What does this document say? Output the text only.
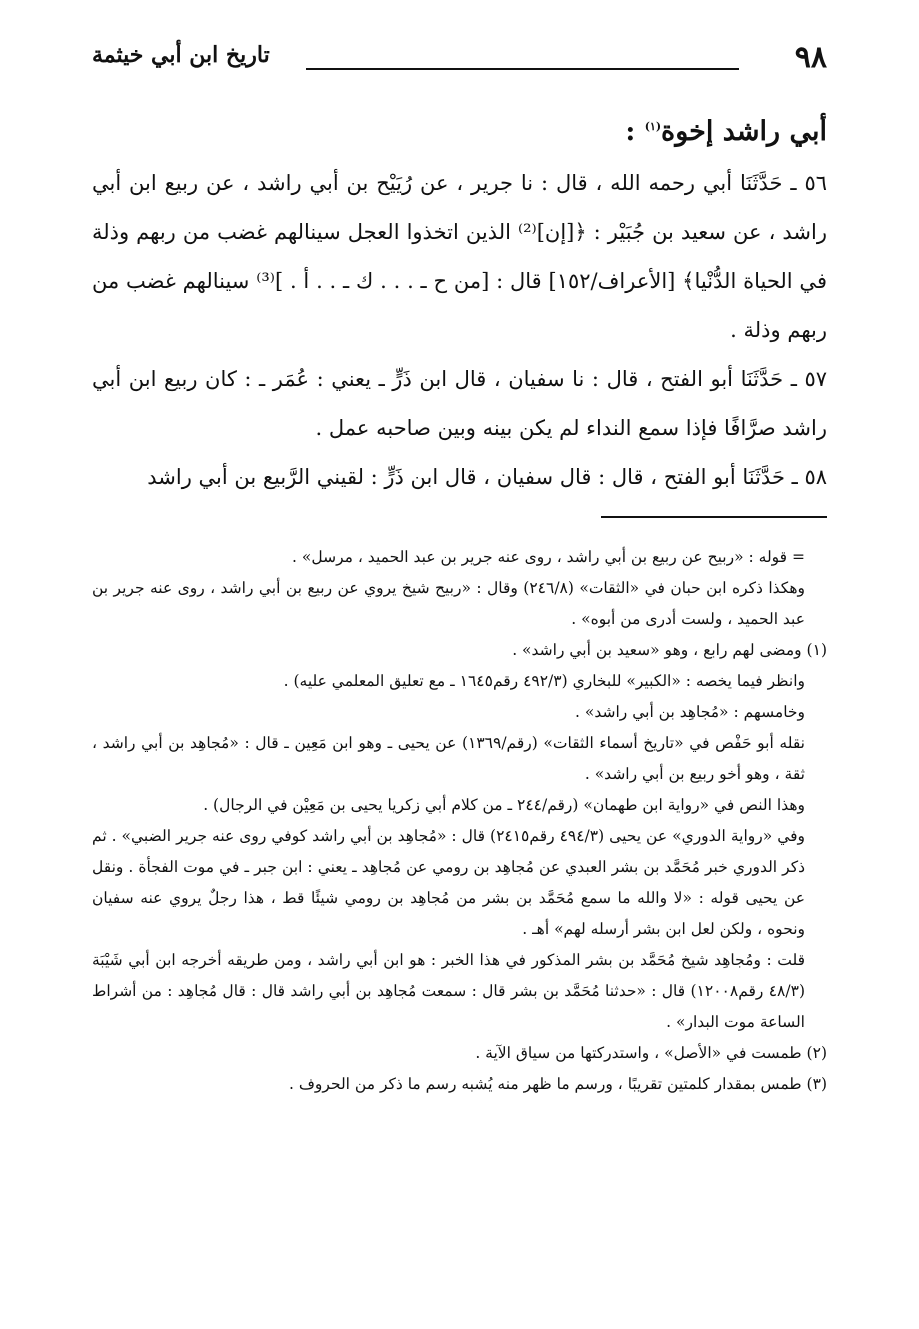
٩٨
تاريخ ابن أبي خيثمة

أبي راشد إخوة$^{(١)}$ :

٥٦ ـ حَدَّثَنَا أبي رحمه الله ، قال : نا جرير ، عن رُيَيْح بن أبي راشد ، عن ربيع ابن أبي راشد ، عن سعيد بن جُبَيْر : ﴿[إن]⁽²⁾ الذين اتخذوا العجل سينالهم غضب من ربهم وذلة في الحياة الدُّنْيا﴾ [الأعراف/١٥٢] قال : [من ح ـ . . . ك ـ . . أ . ]⁽³⁾ سينالهم غضب من ربهم وذلة .

٥٧ ـ حَدَّثَنَا أبو الفتح ، قال : نا سفيان ، قال ابن ذَرٍّ ـ يعني : عُمَر ـ : كان ربيع ابن أبي راشد صرَّافًا فإذا سمع النداء لم يكن بينه وبين صاحبه عمل .

٥٨ ـ حَدَّثَنَا أبو الفتح ، قال : قال سفيان ، قال ابن ذَرٍّ : لقيني الرَّبيع بن أبي راشد

= قوله : «ربيح عن ربيع بن أبي راشد ، روى عنه جرير بن عبد الحميد ، مرسل» .

وهكذا ذكره ابن حبان في «الثقات» (٢٤٦/٨) وقال : «ربيح شيخ يروي عن ربيع بن أبي راشد ، روى عنه جرير بن عبد الحميد ، ولست أدرى من أبوه» .

(١) ومضى لهم رابع ، وهو «سعيد بن أبي راشد» .

وانظر فيما يخصه : «الكبير» للبخاري (٤٩٢/٣ رقم١٦٤٥ ـ مع تعليق المعلمي عليه) .

وخامسهم : «مُجاهِد بن أبي راشد» .

نقله أبو حَفْص في «تاريخ أسماء الثقات» (رقم/١٣٦٩) عن يحيى ـ وهو ابن مَعِين ـ قال : «مُجاهِد بن أبي راشد ، ثقة ، وهو أخو ربيع بن أبي راشد» .

وهذا النص في «رواية ابن طهمان» (رقم/٢٤٤ ـ من كلام أبي زكريا يحيى بن مَعِيْن في الرجال) .

وفي «رواية الدوري» عن يحيى (٤٩٤/٣ رقم٢٤١٥) قال : «مُجاهِد بن أبي راشد كوفي روى عنه جرير الضبي» . ثم ذكر الدوري خبر مُحَمَّد بن بشر العبدي عن مُجاهِد بن رومي عن مُجاهِد ـ يعني : ابن جبر ـ في موت الفجأة . ونقل عن يحيى قوله : «لا والله ما سمع مُحَمَّد بن بشر من مُجاهِد بن رومي شيئًا قط ، هذا رجلٌ يروي عنه سفيان ونحوه ، ولكن لعل ابن بشر أرسله لهم» أهـ .

قلت : ومُجاهِد شيخ مُحَمَّد بن بشر المذكور في هذا الخبر : هو ابن أبي راشد ، ومن طريقه أخرجه ابن أبي شَيْبَة (٤٨/٣ رقم١٢٠٠٨) قال : «حدثنا مُحَمَّد بن بشر قال : سمعت مُجاهِد بن أبي راشد قال : قال مُجاهِد : من أشراط الساعة موت البدار» .

(٢) طمست في «الأصل» ، واستدركتها من سياق الآية .

(٣) طمس بمقدار كلمتين تقريبًا ، ورسم ما ظهر منه يُشبه رسم ما ذكر من الحروف .
